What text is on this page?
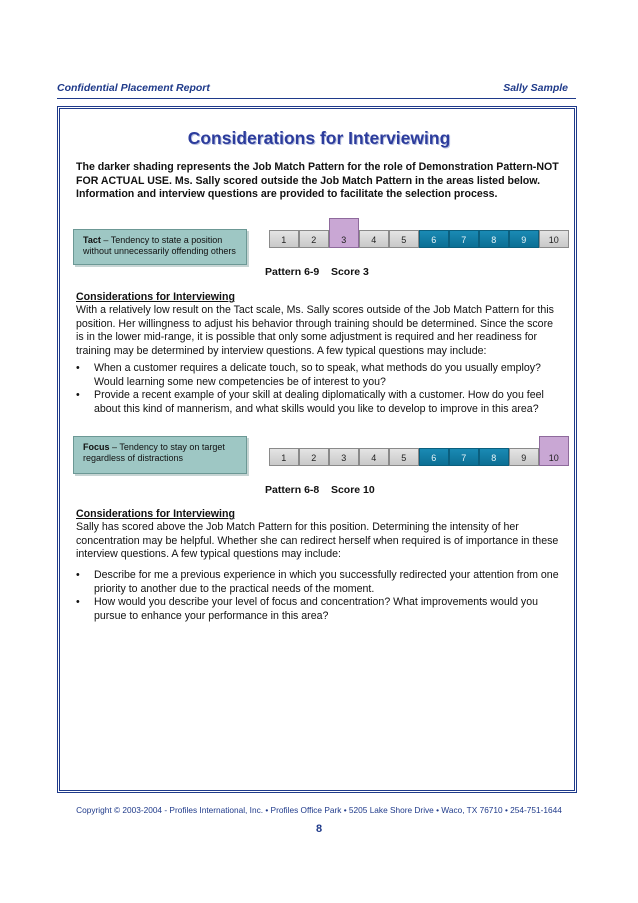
Confidential Placement Report	Sally Sample
Considerations for Interviewing
The darker shading represents the Job Match Pattern for the role of Demonstration Pattern-NOT FOR ACTUAL USE. Ms. Sally scored outside the Job Match Pattern in the areas listed below. Information and interview questions are provided to facilitate the selection process.
Tact – Tendency to state a position without unnecessarily offending others
1	2	3	4	5	6	7	8	9	10
Pattern 6-9 Score 3
Considerations for Interviewing
With a relatively low result on the Tact scale, Ms. Sally scores outside of the Job Match Pattern for this position. Her willingness to adjust his behavior through training should be determined. Since the score is in the lower mid-range, it is possible that only some adjustment is required and her readiness for training may be determined by interview questions. A few typical questions may include:
• When a customer requires a delicate touch, so to speak, what methods do you usually employ? Would learning some new competencies be of interest to you?
• Provide a recent example of your skill at dealing diplomatically with a customer. How do you feel about this kind of mannerism, and what skills would you like to develop to improve in this area?
Focus – Tendency to stay on target regardless of distractions	1	2	3	4	5	6	7	8	9	10
Pattern 6-8 Score 10
Considerations for Interviewing
Sally has scored above the Job Match Pattern for this position. Determining the intensity of her concentration may be helpful. Whether she can redirect herself when required is of importance in these interview questions. A few typical questions may include:
• Describe for me a previous experience in which you successfully redirected your attention from one priority to another due to the practical needs of the moment.
• How would you describe your level of focus and concentration? What improvements would you pursue to enhance your performance in this area?
Copyright © 2003-2004 - Profiles International, Inc. • Profiles Office Park • 5205 Lake Shore Drive • Waco, TX 76710 • 254-751-1644
8
